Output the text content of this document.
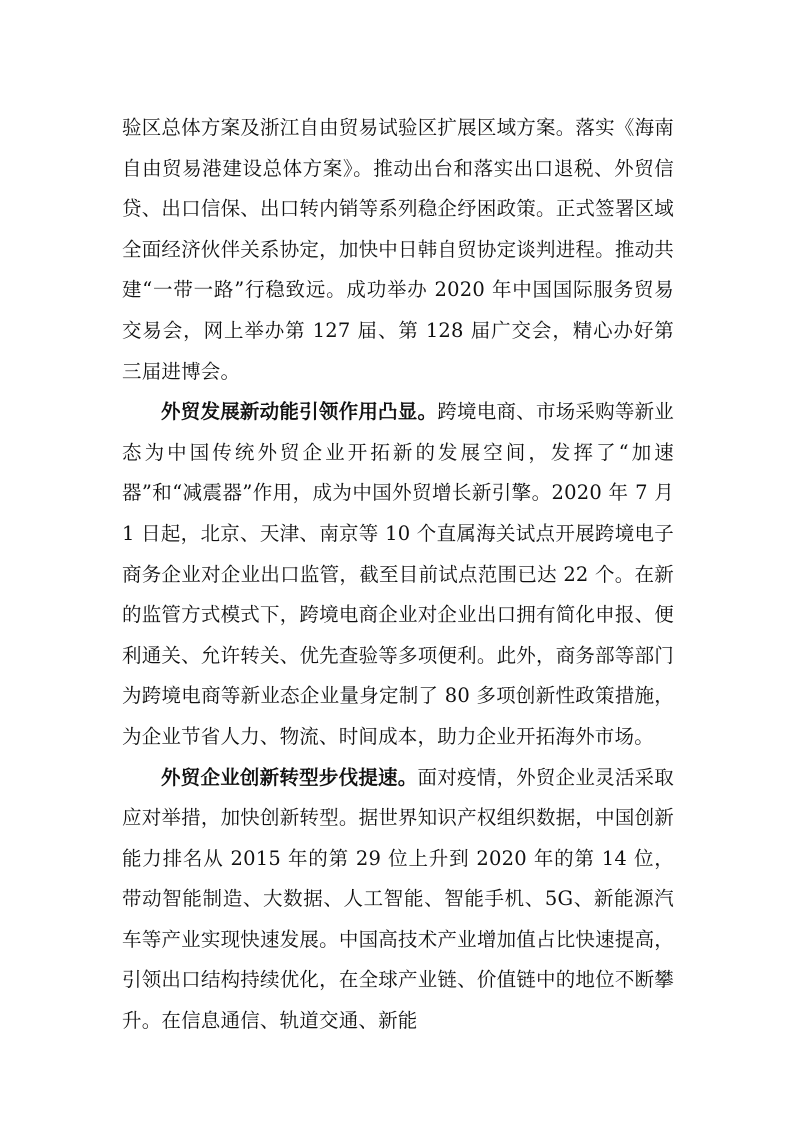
验区总体方案及浙江自由贸易试验区扩展区域方案。落实《海南自由贸易港建设总体方案》。推动出台和落实出口退税、外贸信贷、出口信保、出口转内销等系列稳企纾困政策。正式签署区域全面经济伙伴关系协定，加快中日韩自贸协定谈判进程。推动共建“一带一路”行稳致远。成功举办 2020 年中国国际服务贸易交易会，网上举办第 127 届、第 128 届广交会，精心办好第三届进博会。

外贸发展新动能引领作用凸显。跨境电商、市场采购等新业态为中国传统外贸企业开拓新的发展空间，发挥了“加速器”和“减震器”作用，成为中国外贸增长新引擎。2020 年 7 月 1 日起，北京、天津、南京等 10 个直属海关试点开展跨境电子商务企业对企业出口监管，截至目前试点范围已达 22 个。在新的监管方式模式下，跨境电商企业对企业出口拥有简化申报、便利通关、允许转关、优先查验等多项便利。此外，商务部等部门为跨境电商等新业态企业量身定制了 80 多项创新性政策措施，为企业节省人力、物流、时间成本，助力企业开拓海外市场。

外贸企业创新转型步伐提速。面对疫情，外贸企业灵活采取应对举措，加快创新转型。据世界知识产权组织数据，中国创新能力排名从 2015 年的第 29 位上升到 2020 年的第 14 位，带动智能制造、大数据、人工智能、智能手机、5G、新能源汽车等产业实现快速发展。中国高技术产业增加值占比快速提高，引领出口结构持续优化，在全球产业链、价值链中的地位不断攀升。在信息通信、轨道交通、新能
